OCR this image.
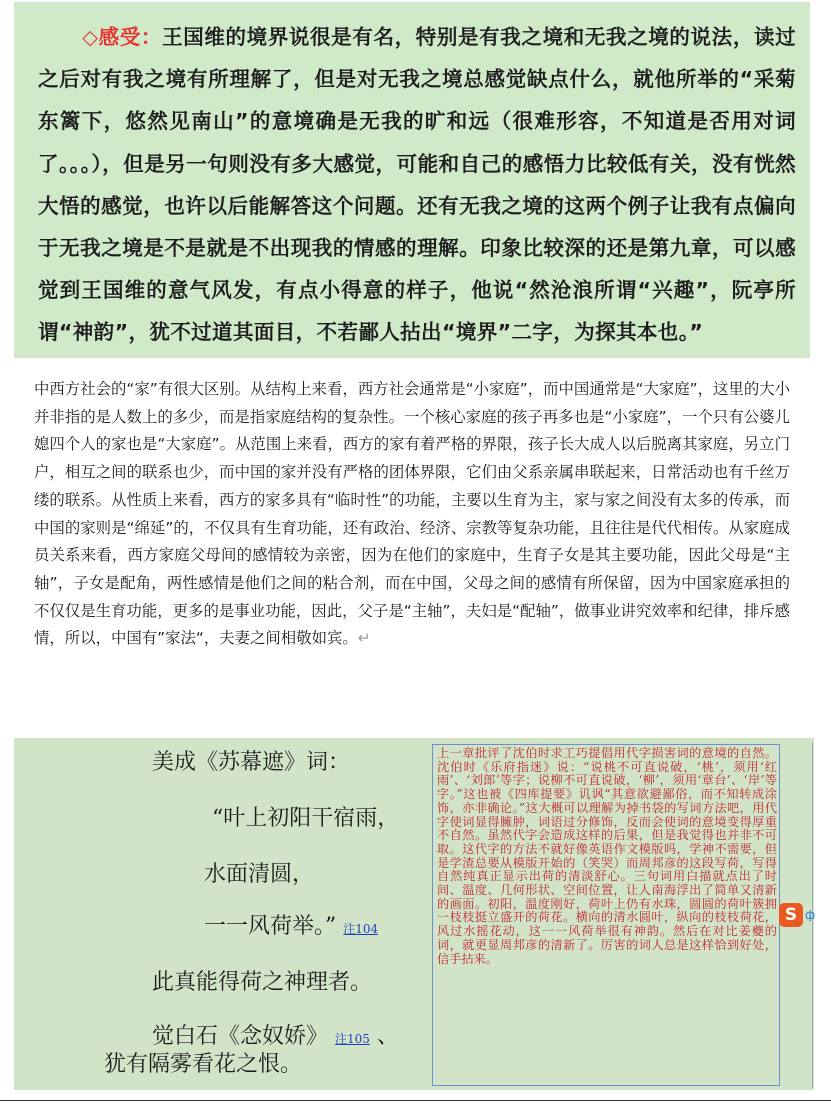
◇感受：王国维的境界说很是有名，特别是有我之境和无我之境的说法，读过之后对有我之境有所理解了，但是对无我之境总感觉缺点什么，就他所举的“采菊东篱下，悠然见南山”的意境确是无我的旷和远（很难形容，不知道是否用对词了。。。），但是另一句则没有多大感觉，可能和自己的感悟力比较低有关，没有恍然大悟的感觉，也许以后能解答这个问题。还有无我之境的这两个例子让我有点偏向于无我之境是不是就是不出现我的情感的理解。印象比较深的还是第九章，可以感觉到王国维的意气风发，有点小得意的样子，他说“然沧浪所谓“兴趣”，阮亭所谓“神韵”，犹不过道其面目，不若鄙人拈出“境界”二字，为探其本也。”
中西方社会的“家”有很大区别。从结构上来看，西方社会通常是“小家庭”，而中国通常是“大家庭”，这里的大小并非指的是人数上的多少，而是指家庭结构的复杂性。一个核心家庭的孩子再多也是“小家庭”，一个只有公婆儿媳四个人的家也是“大家庭”。从范围上来看，西方的家有着严格的界限，孩子长大成人以后脱离其家庭，另立门户，相互之间的联系也少，而中国的家并没有严格的团体界限，它们由父系亲属串联起来，日常活动也有千丝万缕的联系。从性质上来看，西方的家多具有“临时性”的功能，主要以生育为主，家与家之间没有太多的传承，而中国的家则是“绵延”的，不仅具有生育功能，还有政治、经济、宗教等复杂功能，且往往是代代相传。从家庭成员关系来看，西方家庭父母间的感情较为亲密，因为在他们的家庭中，生育子女是其主要功能，因此父母是“主轴”，子女是配角，两性感情是他们之间的粘合剂，而在中国，父母之间的感情有所保留，因为中国家庭承担的不仅仅是生育功能，更多的是事业功能，因此，父子是“主轴”，夫妇是“配轴”，做事业讲究效率和纪律，排斥感情，所以，中国有”家法“，夫妻之间相敬如宾。↵
美成《苏幕遮》词：
“叶上初阳干宿雨，
水面清圆，
一一风荷举。” 注104
此真能得荷之神理者。
觉白石《念奴娇》 注105 、
犹有隔雾看花之恨。
上一章批评了沈伯时求工巧提倡用代字损害词的意境的自然。沈伯时《乐府指迷》说：“说桃不可直说破，‘桃’，须用‘红雨’、‘刘郎’等字；说柳不可直说破，‘柳’，须用‘章台’、‘岸’等字。”这也被《四库提要》讥讽“其意欲避鄙俗，而不知转成涂饰，亦非确论。”这大概可以理解为掉书袋的写词方法吧，用代字使词显得臃肿，词语过分修饰，反而会使词的意境变得厚重不自然。虽然代字会造成这样的后果，但是我觉得也并非不可取。这代字的方法不就好像英语作文模版吗，学神不需要，但是学渣总要从模版开始的（笑哭）而周邦彦的这段写荷，写得自然纯真正显示出荷的清淡舒心。三句词用白描就点出了时间、温度、几何形状、空间位置，让人南海浮出了简单又清新的画面。初阳，温度刚好，荷叶上仍有水珠，圆圆的荷叶簇拥一枝枝挺立盛开的荷花。横向的清水圆叶，纵向的枝枝荷花，风过水摇花动，这一一风荷举很有神韵。然后在对比姜夔的词，就更显周邦彦的清新了。厉害的词人总是这样恰到好处，信手拈来。
S ф
